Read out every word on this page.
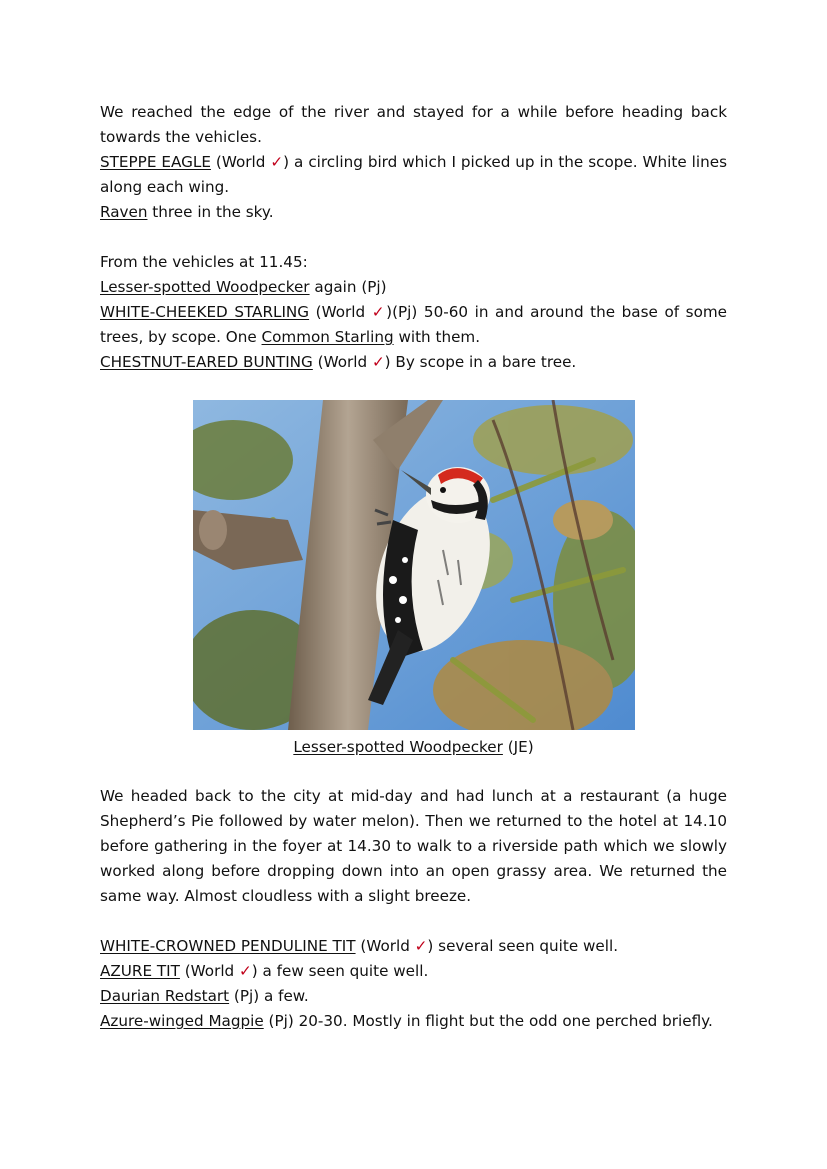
We reached the edge of the river and stayed for a while before heading back towards the vehicles.
STEPPE EAGLE (World ✓) a circling bird which I picked up in the scope. White lines along each wing.
Raven three in the sky.

From the vehicles at 11.45:
Lesser-spotted Woodpecker again (Pj)
WHITE-CHEEKED STARLING (World ✓)(Pj) 50-60 in and around the base of some trees, by scope. One Common Starling with them.
CHESTNUT-EARED BUNTING (World ✓) By scope in a bare tree.

Lesser-spotted Woodpecker (JE)

We headed back to the city at mid-day and had lunch at a restaurant (a huge Shepherd’s Pie followed by water melon). Then we returned to the hotel at 14.10 before gathering in the foyer at 14.30 to walk to a riverside path which we slowly worked along before dropping down into an open grassy area. We returned the same way. Almost cloudless with a slight breeze.

WHITE-CROWNED PENDULINE TIT (World ✓) several seen quite well.
AZURE TIT (World ✓) a few seen quite well.
Daurian Redstart (Pj) a few.
Azure-winged Magpie (Pj) 20-30. Mostly in flight but the odd one perched briefly.
